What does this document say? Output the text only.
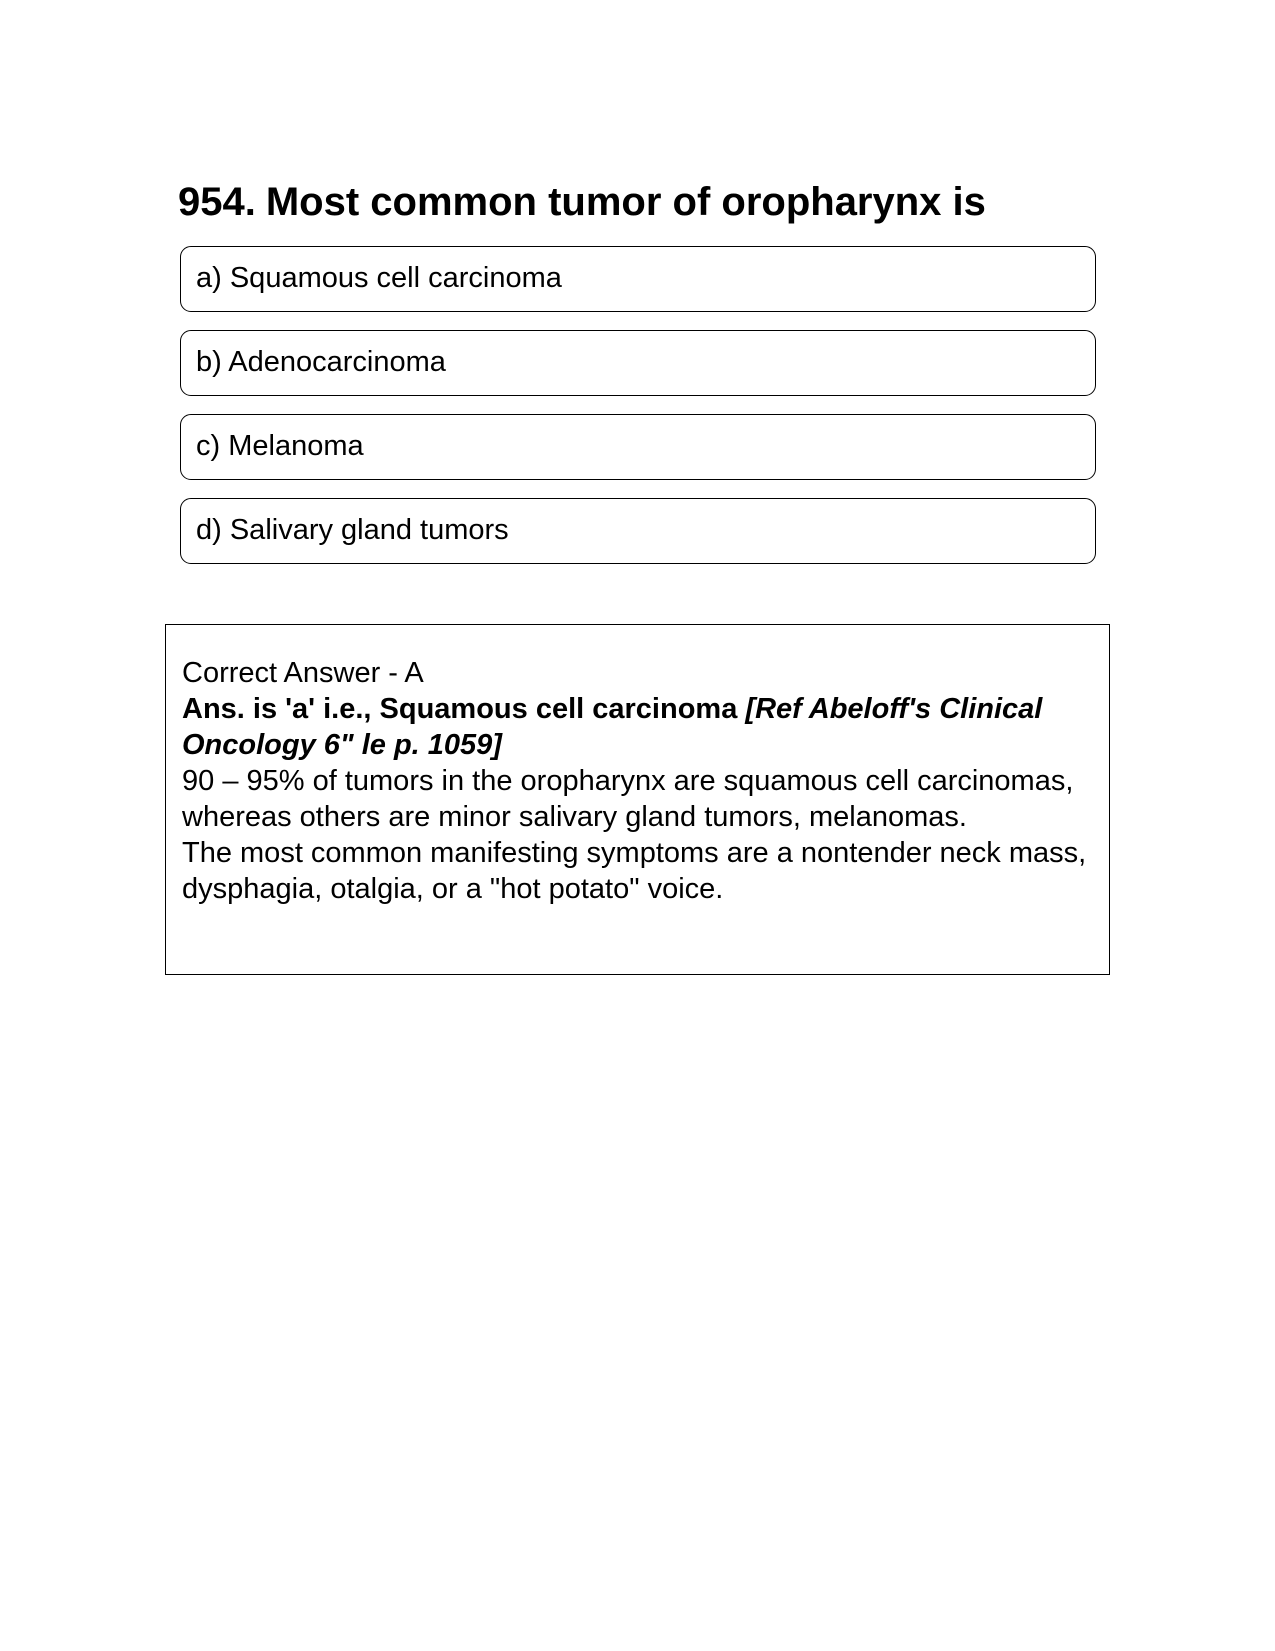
954. Most common tumor of oropharynx is
a) Squamous cell carcinoma
b) Adenocarcinoma
c) Melanoma
d) Salivary gland tumors

Correct Answer - A

Ans. is 'a' i.e., Squamous cell carcinoma [Ref Abeloff's Clinical Oncology 6" le p. 1059]

90 – 95% of tumors in the oropharynx are squamous cell carcinomas, whereas others are minor salivary gland tumors, melanomas.

The most common manifesting symptoms are a nontender neck mass, dysphagia, otalgia, or a "hot potato" voice.
